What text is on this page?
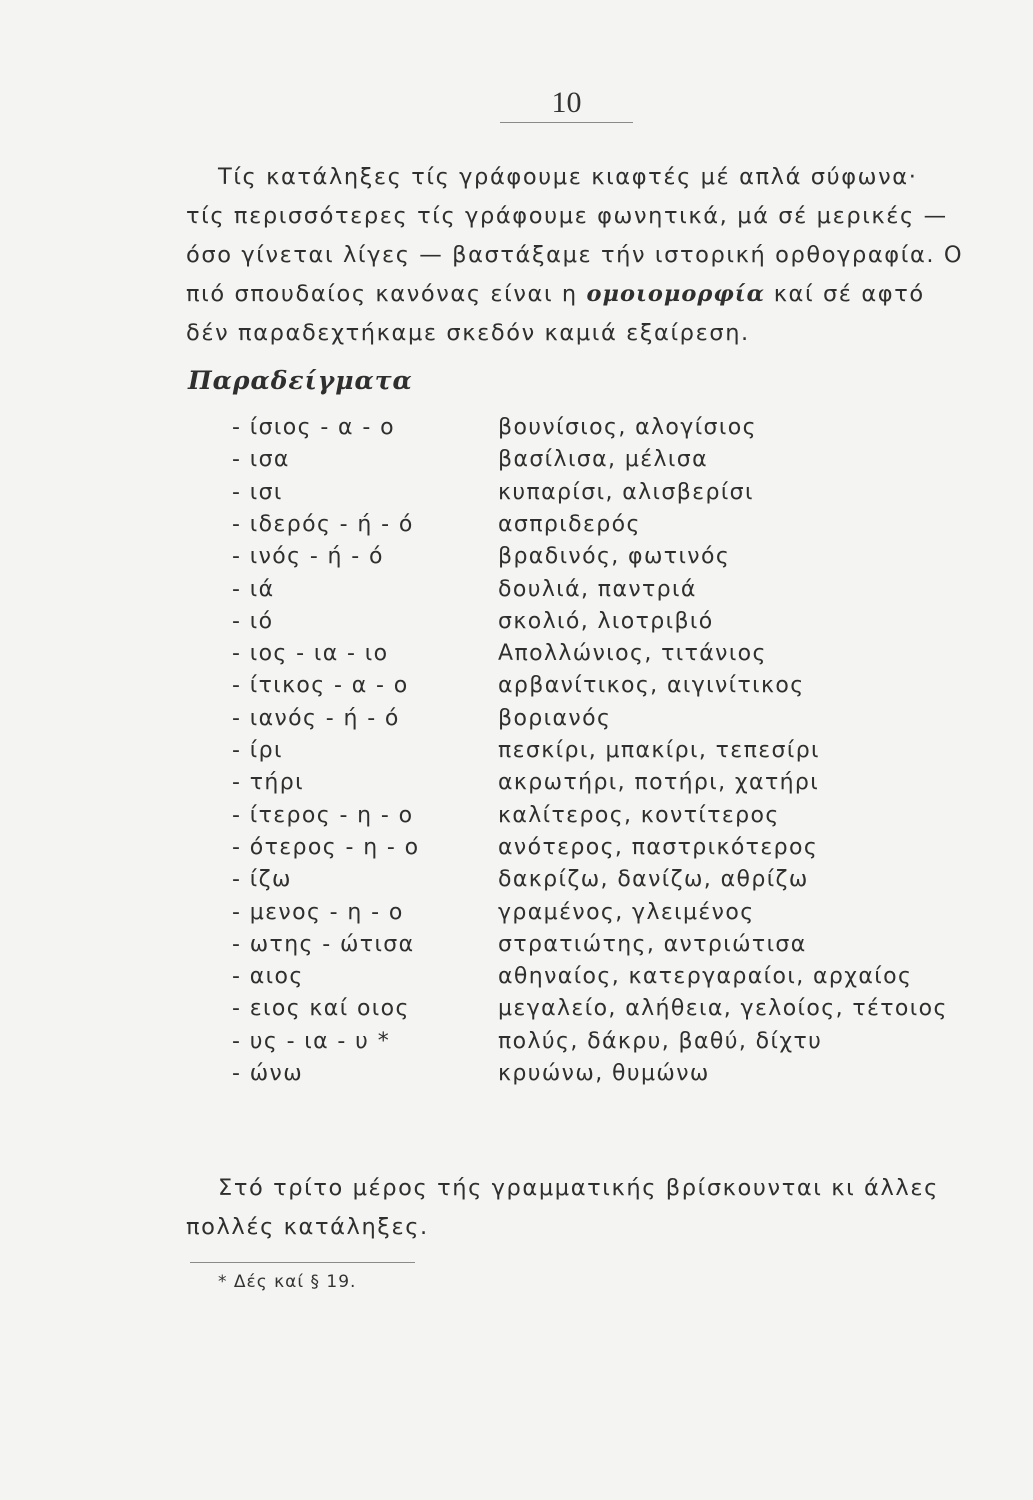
10
Τίς κατάληξες τίς γράφουμε κιαφτές μέ απλά σύφωνα·
τίς περισσότερες τίς γράφουμε φωνητικά, μά σέ μερικές —
όσο γίνεται λίγες — βαστάξαμε τήν ιστορική ορθογραφία. Ο
πιό σπουδαίος κανόνας είναι η ομοιομορφία καί σέ αφτό
δέν παραδεχτήκαμε σκεδόν καμιά εξαίρεση.
Παραδείγματα
- ίσιος - α - ο	βουνίσιος, αλογίσιος
- ισα	βασίλισα, μέλισα
- ισι	κυπαρίσι, αλισβερίσι
- ιδερός - ή - ό	ασπριδερός
- ινός - ή - ό	βραδινός, φωτινός
- ιά	δουλιά, παντριά
- ιό	σκολιό, λιοτριβιό
- ιος - ια - ιο	Απολλώνιος, τιτάνιος
- ίτικος - α - ο	αρβανίτικος, αιγινίτικος
- ιανός - ή - ό	βοριανός
- ίρι	πεσκίρι, μπακίρι, τεπεσίρι
- τήρι	ακρωτήρι, ποτήρι, χατήρι
- ίτερος - η - ο	καλίτερος, κοντίτερος
- ότερος - η - ο	ανότερος, παστρικότερος
- ίζω	δακρίζω, δανίζω, αθρίζω
- μενος - η - ο	γραμένος, γλειμένος
- ωτης - ώτισα	στρατιώτης, αντριώτισα
- αιος	αθηναίος, κατεργαραίοι, αρχαίος
- ειος καί οιος	μεγαλείο, αλήθεια, γελοίος, τέτοιος
- υς - ια - υ *	πολύς, δάκρυ, βαθύ, δίχτυ
- ώνω	κρυώνω, θυμώνω
Στό τρίτο μέρος τής γραμματικής βρίσκουνται κι άλλες
πολλές κατάληξες.
* Δές καί § 19.
